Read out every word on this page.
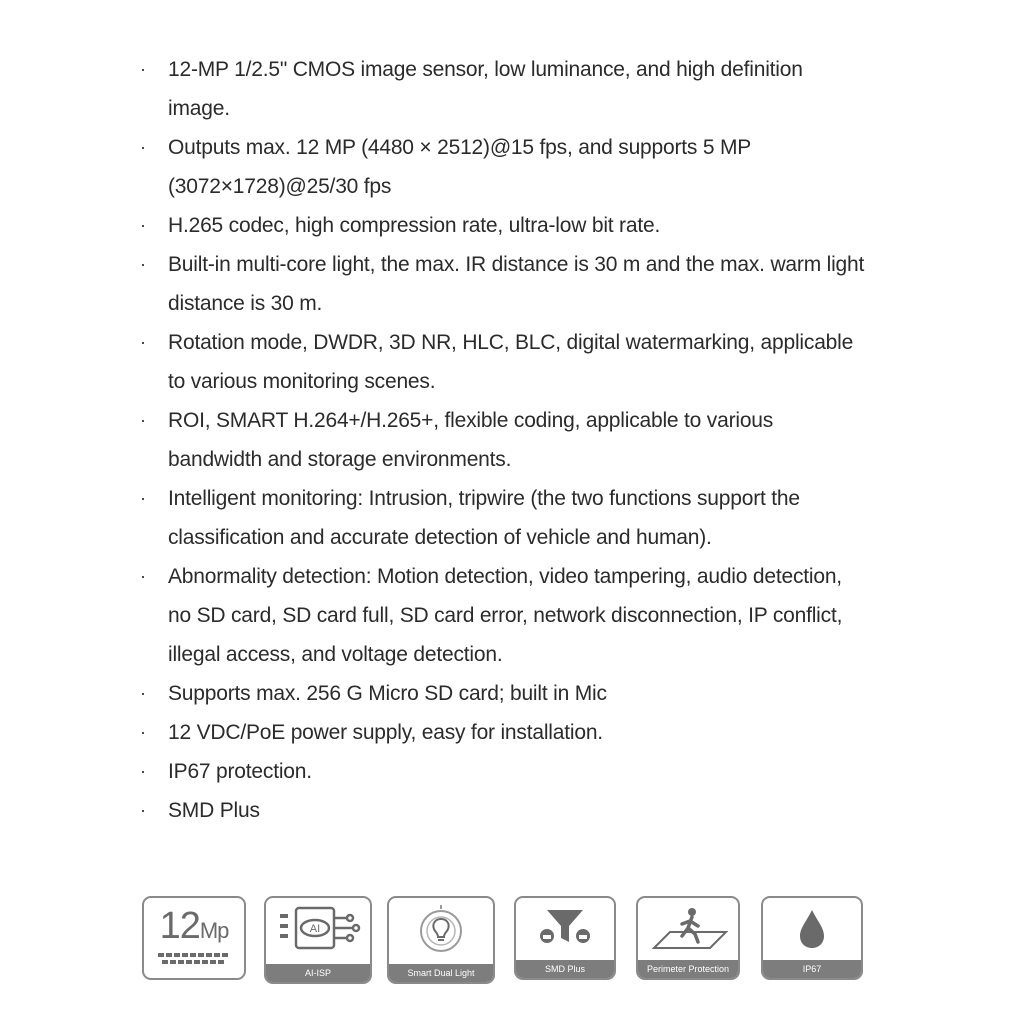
·	12-MP 1/2.5" CMOS image sensor, low luminance, and high definition image.
·	Outputs max. 12 MP (4480 × 2512)@15 fps, and supports 5 MP (3072×1728)@25/30 fps
·	H.265 codec, high compression rate, ultra-low bit rate.
·	Built-in multi-core light, the max. IR distance is 30 m and the max. warm light distance is 30 m.
·	Rotation mode, DWDR, 3D NR, HLC, BLC, digital watermarking, applicable to various monitoring scenes.
·	ROI, SMART H.264+/H.265+, flexible coding, applicable to various bandwidth and storage environments.
·	Intelligent monitoring: Intrusion, tripwire (the two functions support the classification and accurate detection of vehicle and human).
·	Abnormality detection: Motion detection, video tampering, audio detection, no SD card, SD card full, SD card error, network disconnection, IP conflict, illegal access, and voltage detection.
·	Supports max. 256 G Micro SD card; built in Mic
·	12 VDC/PoE power supply, easy for installation.
·	IP67 protection.
·	SMD Plus
12Mp	AI
AI-ISP	Smart Dual Light	SMD Plus	Perimeter Protection	IP67
